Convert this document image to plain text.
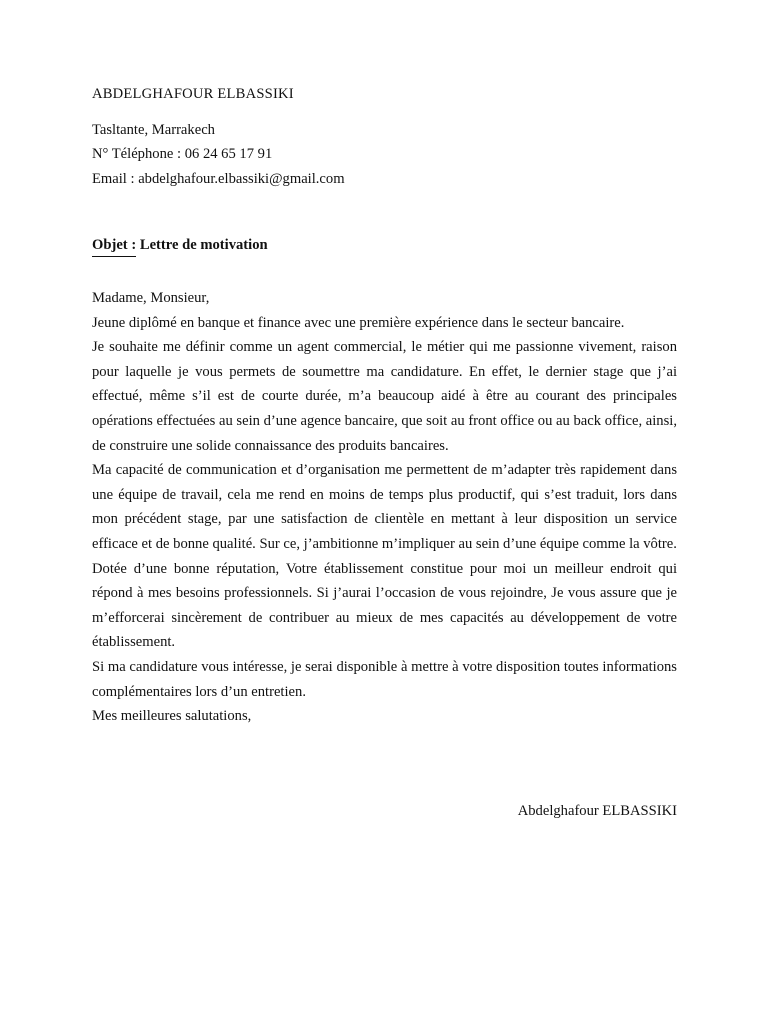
ABDELGHAFOUR ELBASSIKI
Tasltante, Marrakech
N° Téléphone : 06 24 65 17 91
Email : abdelghafour.elbassiki@gmail.com
Objet : Lettre de motivation

Madame, Monsieur,

Jeune diplômé en banque et finance avec une première expérience dans le secteur bancaire.

Je souhaite me définir comme un agent commercial, le métier qui me passionne vivement, raison pour laquelle je vous permets de soumettre ma candidature. En effet, le dernier stage que j’ai effectué, même s’il est de courte durée, m’a beaucoup aidé à être au courant des principales opérations effectuées au sein d’une agence bancaire, que soit au front office ou au back office, ainsi, de construire une solide connaissance des produits bancaires.

Ma capacité de communication et d’organisation me permettent de m’adapter très rapidement dans une équipe de travail, cela me rend en moins de temps plus productif, qui s’est traduit, lors dans mon précédent stage, par une satisfaction de clientèle en mettant à leur disposition un service efficace et de bonne qualité. Sur ce, j’ambitionne m’impliquer au sein d’une équipe comme la vôtre.

Dotée d’une bonne réputation, Votre établissement constitue pour moi un meilleur endroit qui répond à mes besoins professionnels. Si j’aurai l’occasion de vous rejoindre, Je vous assure que je m’efforcerai sincèrement de contribuer au mieux de mes capacités au développement de votre établissement.

Si ma candidature vous intéresse, je serai disponible à mettre à votre disposition toutes informations complémentaires lors d’un entretien.

Mes meilleures salutations,

Abdelghafour ELBASSIKI
